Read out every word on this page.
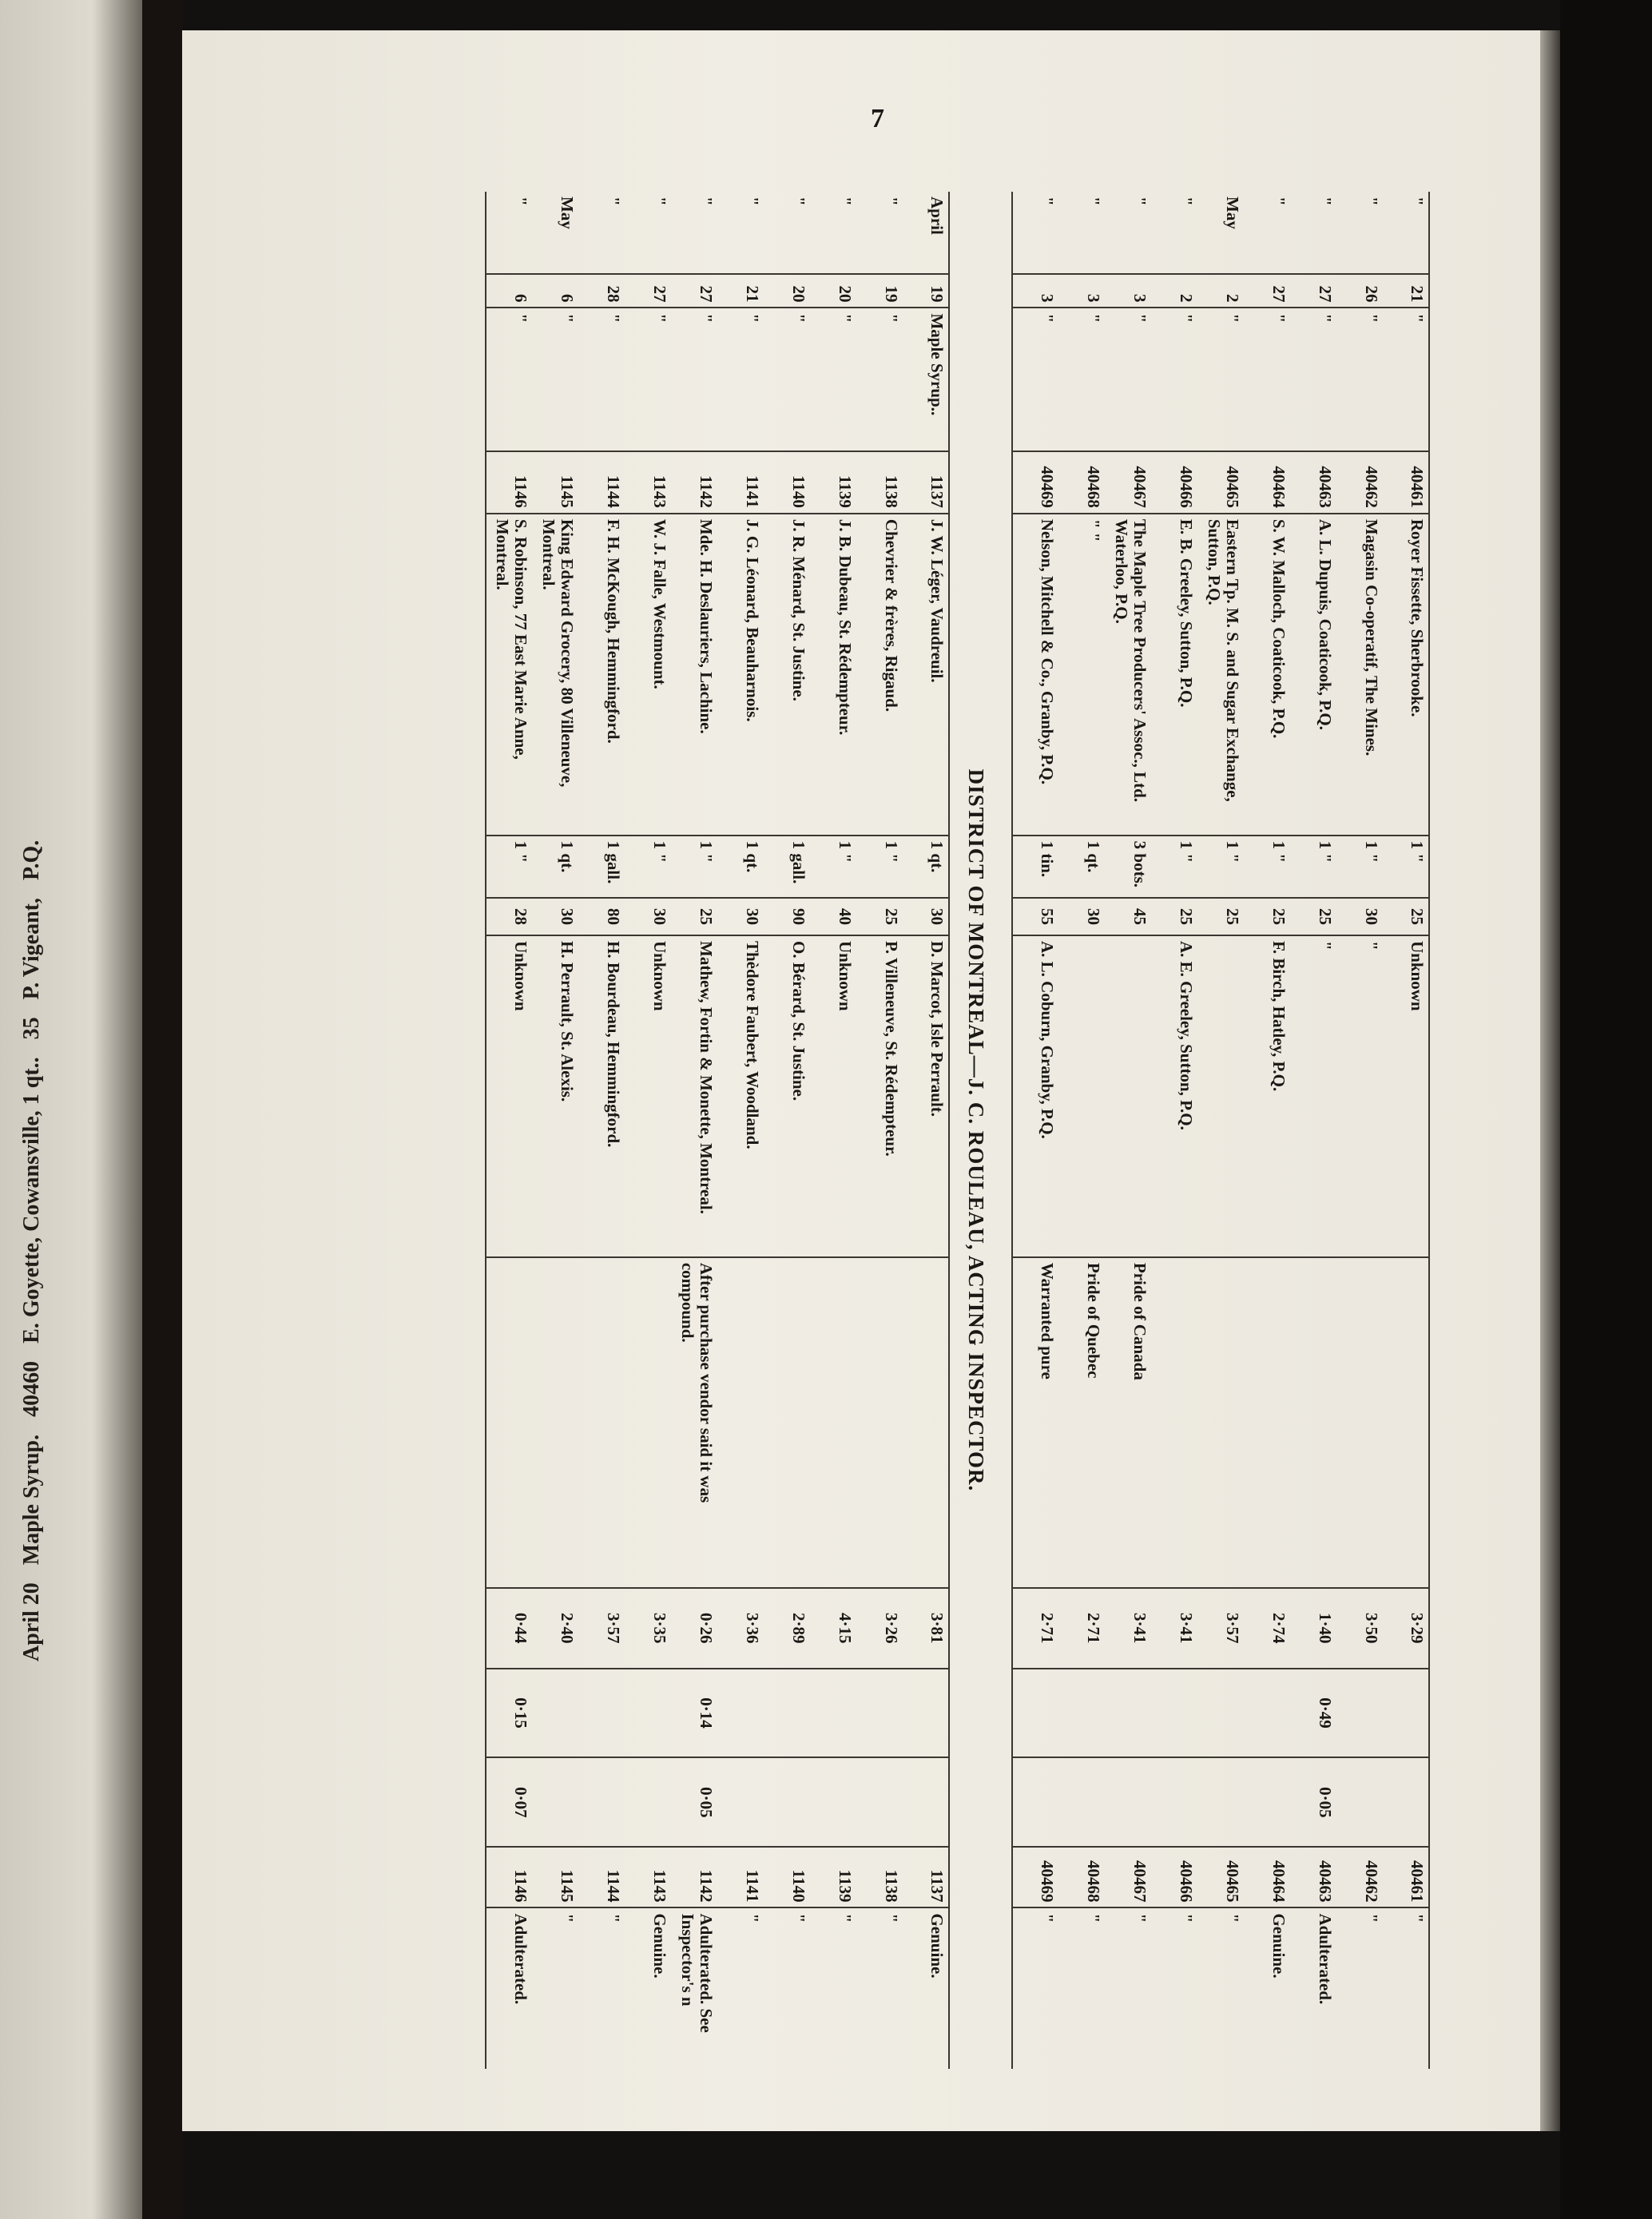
April 20
Maple Syrup.
40460
E. Goyette, Cowansville, 1 qt..
35
P. Vigeant,
P.Q.
7
"	21	"	40461	Royer Fissette, Sherbrooke.	1 "	25	Unknown		3·29			40461	"
"	26	"	40462	Magasin Co-operatif, The Mines.	1 "	30	"		3·50			40462	"
"	27	"	40463	A. L. Dupuis, Coaticook, P.Q.	1 "	25	"		1·40	0·49	0·05	40463	Adulterated.
"	27	"	40464	S. W. Malloch, Coaticook, P.Q.	1 "	25	F. Birch, Hatley, P.Q.		2·74			40464	Genuine.
May	2	"	40465	Eastern Tp. M. S. and Sugar Exchange, Sutton, P.Q.	1 "	25			3·57			40465	"
"	2	"	40466	E. B. Greeley, Sutton, P.Q.	1 "	25	A. E. Greeley, Sutton, P.Q.		3·41			40466	"
"	3	"	40467	The Maple Tree Producers' Assoc., Ltd. Waterloo, P.Q.	3 bots.	45		Pride of Canada	3·41			40467	"
"	3	"	40468	" "	1 qt.	30		Pride of Quebec	2·71			40468	"
"	3	"	40469	Nelson, Mitchell & Co., Granby, P.Q.	1 tin.	55	A. L. Coburn, Granby, P.Q.	Warranted pure	2·71			40469	"
DISTRICT OF MONTREAL—J. C. ROULEAU, ACTING INSPECTOR.
April	19	Maple Syrup..	1137	J. W. Léger, Vaudreuil.	1 qt.	30	D. Marcot, Isle Perrault.		3·81			1137	Genuine.
"	19	"	1138	Chevrier & frères, Rigaud.	1 "	25	P. Villeneuve, St. Rédempteur.		3·26			1138	"
"	20	"	1139	J. B. Dubeau, St. Rédempteur.	1 "	40	Unknown		4·15			1139	"
"	20	"	1140	J. R. Ménard, St. Justine.	1 gall.	90	O. Bérard, St. Justine.		2·89			1140	"
"	21	"	1141	J. G. Léonard, Beauharnois.	1 qt.	30	Thèdore Faubert, Woodland.		3·36			1141	"
"	27	"	1142	Mde. H. Deslauriers, Lachine.	1 "	25	Mathew, Fortin & Monette, Montreal.	After purchase vendor said it was compound.	0·26	0·14	0·05	1142	Adulterated. See Inspector's n
"	27	"	1143	W. J. Falle, Westmount.	1 "	30	Unknown		3·35			1143	Genuine.
"	28	"	1144	F. H. McKough, Hemmingford.	1 gall.	80	H. Bourdeau, Hemmingford.		3·57			1144	"
May	6	"	1145	King Edward Grocery, 80 Villeneuve, Montreal.	1 qt.	30	H. Perrault, St. Alexis.		2·40			1145	"
"	6	"	1146	S. Robinson, 77 East Marie Anne, Montreal.	1 "	28	Unknown		0·44	0·15	0·07	1146	Adulterated.
